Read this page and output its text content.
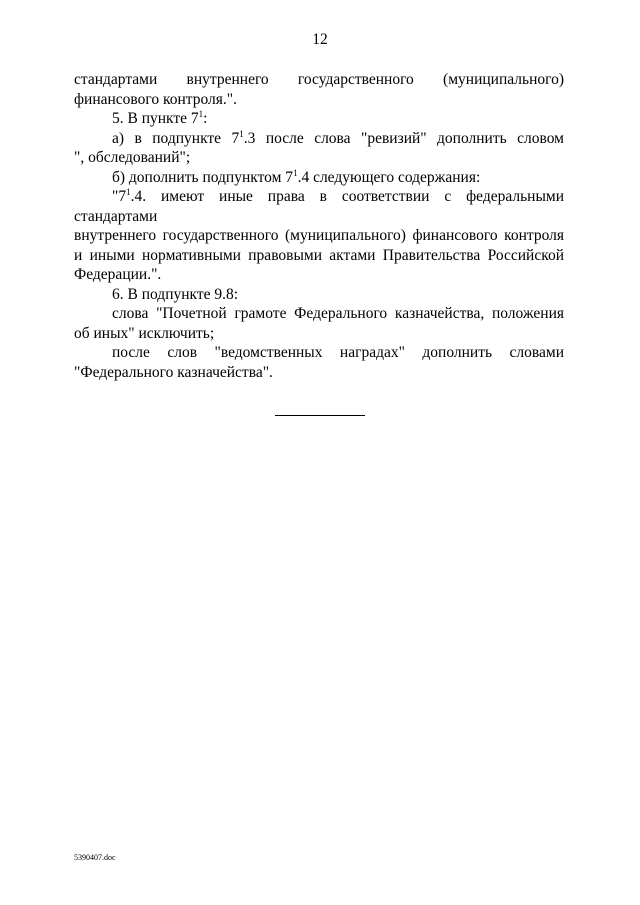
12

стандартами внутреннего государственного (муниципального)

финансового контроля.".

5. В пункте $7^1$:

а) в подпункте $7^1.3$ после слова "ревизий" дополнить словом

", обследований";

б) дополнить подпунктом $7^1.4$ следующего содержания:

"$7^1.4$. имеют иные права в соответствии с федеральными стандартами

внутреннего государственного (муниципального) финансового контроля

и иными нормативными правовыми актами Правительства Российской

Федерации.".

6. В подпункте 9.8:

слова "Почетной грамоте Федерального казначейства, положения

об иных" исключить;

после слов "ведомственных наградах" дополнить словами

"Федерального казначейства".

5390407.doc
